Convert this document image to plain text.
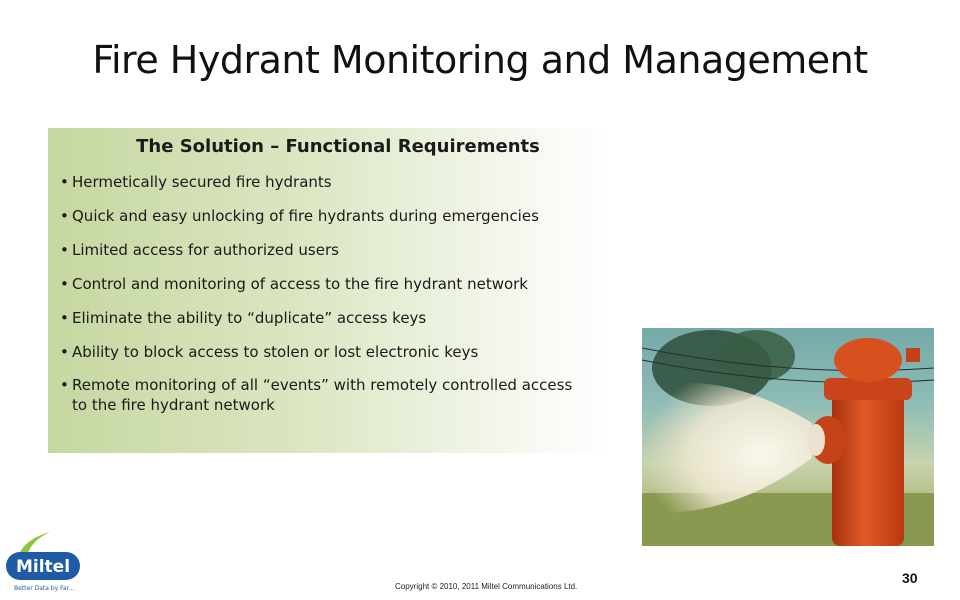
Fire Hydrant Monitoring and Management
The Solution – Functional Requirements
• Hermetically secured fire hydrants
• Quick and easy unlocking of fire hydrants during emergencies
• Limited access for authorized users
• Control and monitoring of access to the fire hydrant network
• Eliminate the ability to “duplicate” access keys
• Ability to block access to stolen or lost electronic keys
• Remote monitoring of all “events” with remotely controlled access to the fire hydrant network
Miltel
Better Data by Far...	Copyright © 2010, 2011 Miltel Communications Ltd.
30
